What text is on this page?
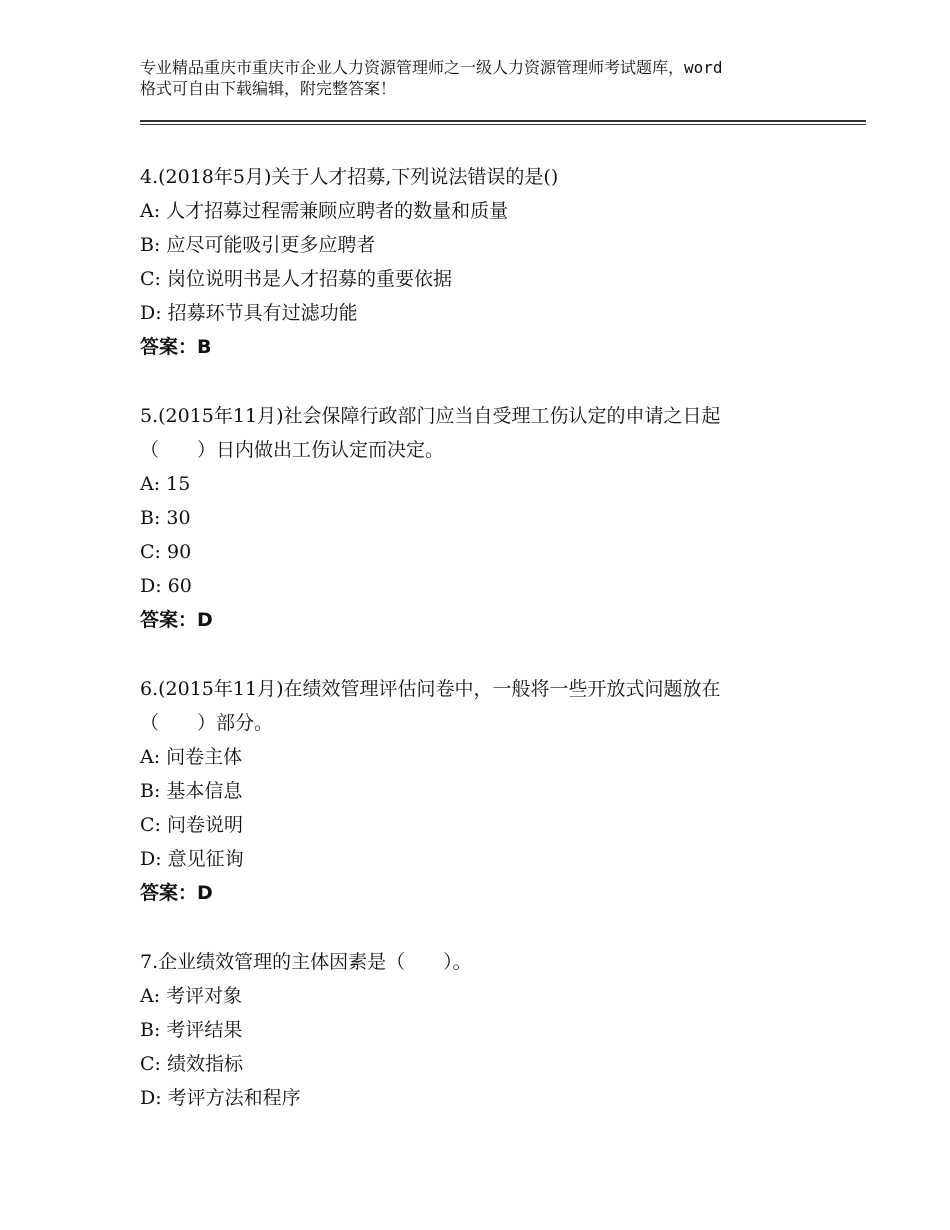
专业精品重庆市重庆市企业人力资源管理师之一级人力资源管理师考试题库，word
格式可自由下载编辑，附完整答案！
4.(2018年5月)关于人才招募,下列说法错误的是()
A: 人才招募过程需兼顾应聘者的数量和质量
B: 应尽可能吸引更多应聘者
C: 岗位说明书是人才招募的重要依据
D: 招募环节具有过滤功能
答案：B
5.(2015年11月)社会保障行政部门应当自受理工伤认定的申请之日起
（　　）日内做出工伤认定而决定。
A: 15
B: 30
C: 90
D: 60
答案：D
6.(2015年11月)在绩效管理评估问卷中，一般将一些开放式问题放在
（　　）部分。
A: 问卷主体
B: 基本信息
C: 问卷说明
D: 意见征询
答案：D
7.企业绩效管理的主体因素是（　　）。
A: 考评对象
B: 考评结果
C: 绩效指标
D: 考评方法和程序
